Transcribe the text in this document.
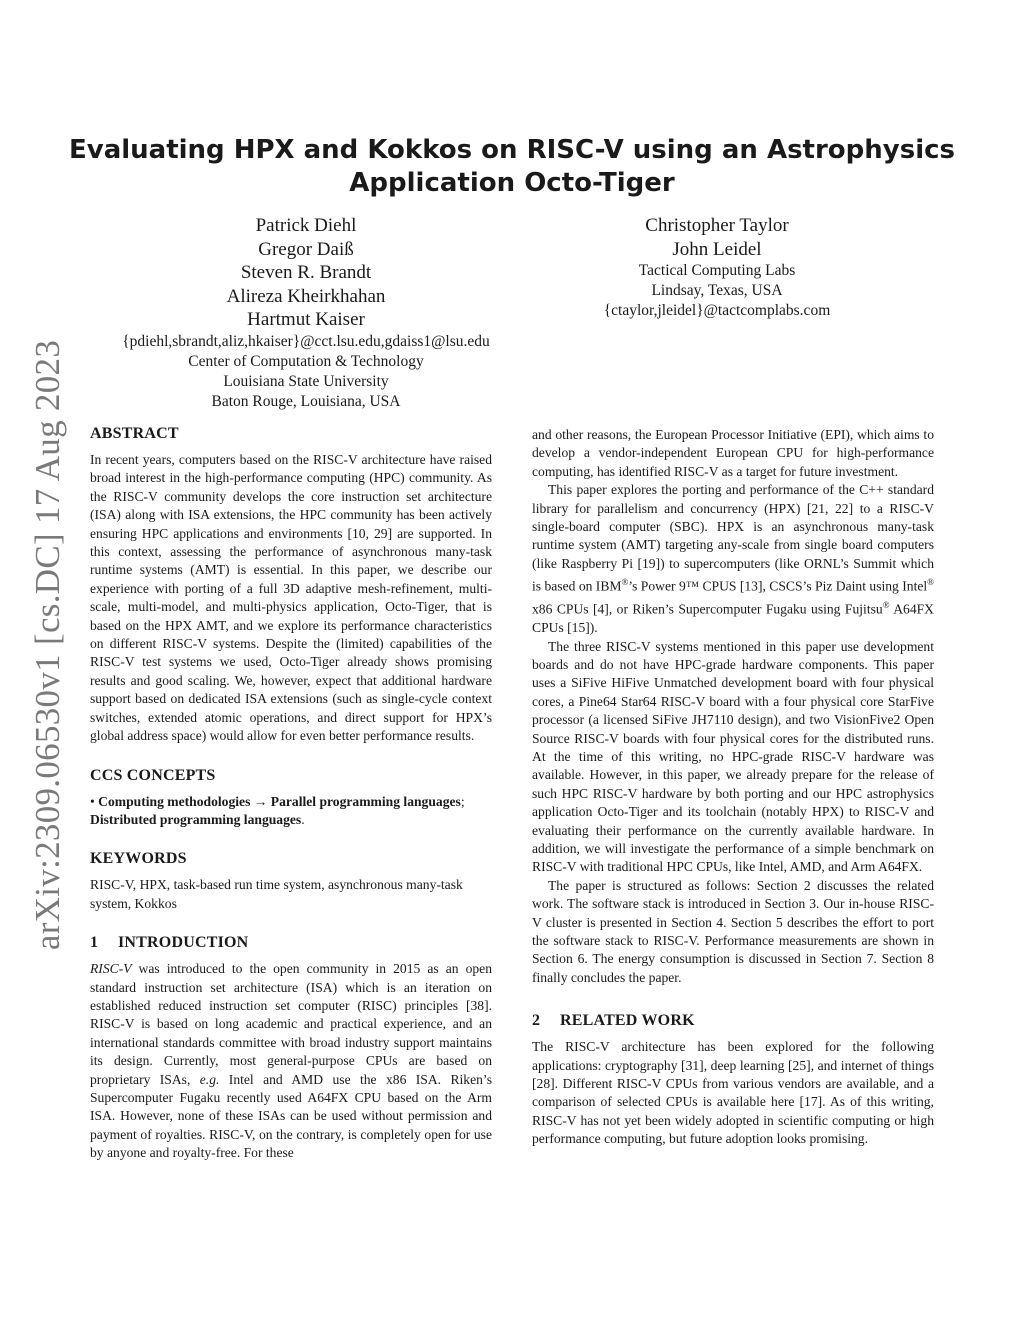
Evaluating HPX and Kokkos on RISC-V using an Astrophysics
Application Octo-Tiger
Patrick Diehl
Gregor Daiß
Steven R. Brandt
Alireza Kheirkhahan
Hartmut Kaiser
{pdiehl,sbrandt,aliz,hkaiser}@cct.lsu.edu,gdaiss1@lsu.edu
Center of Computation & Technology
Louisiana State University
Baton Rouge, Louisiana, USA
Christopher Taylor
John Leidel
Tactical Computing Labs
Lindsay, Texas, USA
{ctaylor,jleidel}@tactcomplabs.com
arXiv:2309.06530v1 [cs.DC] 17 Aug 2023 ABSTRACT

In recent years, computers based on the RISC-V architecture have raised broad interest in the high-performance computing (HPC) community. As the RISC-V community develops the core instruction set architecture (ISA) along with ISA extensions, the HPC community has been actively ensuring HPC applications and environments [10, 29] are supported. In this context, assessing the performance of asynchronous many-task runtime systems (AMT) is essential. In this paper, we describe our experience with porting of a full 3D adaptive mesh-refinement, multi-scale, multi-model, and multi-physics application, Octo-Tiger, that is based on the HPX AMT, and we explore its performance characteristics on different RISC-V systems. Despite the (limited) capabilities of the RISC-V test systems we used, Octo-Tiger already shows promising results and good scaling. We, however, expect that additional hardware support based on dedicated ISA extensions (such as single-cycle context switches, extended atomic operations, and direct support for HPX’s global address space) would allow for even better performance results.

CCS CONCEPTS

• Computing methodologies → Parallel programming languages; Distributed programming languages.

KEYWORDS

RISC-V, HPX, task-based run time system, asynchronous many-task system, Kokkos

1 INTRODUCTION

RISC-V was introduced to the open community in 2015 as an open standard instruction set architecture (ISA) which is an iteration on established reduced instruction set computer (RISC) principles [38]. RISC-V is based on long academic and practical experience, and an international standards committee with broad industry support maintains its design. Currently, most general-purpose CPUs are based on proprietary ISAs, e.g. Intel and AMD use the x86 ISA. Riken’s Supercomputer Fugaku recently used A64FX CPU based on the Arm ISA. However, none of these ISAs can be used without permission and payment of royalties. RISC-V, on the contrary, is completely open for use by anyone and royalty-free. For these

and other reasons, the European Processor Initiative (EPI), which aims to develop a vendor-independent European CPU for high-performance computing, has identified RISC-V as a target for future investment.

This paper explores the porting and performance of the C++ standard library for parallelism and concurrency (HPX) [21, 22] to a RISC-V single-board computer (SBC). HPX is an asynchronous many-task runtime system (AMT) targeting any-scale from single board computers (like Raspberry Pi [19]) to supercomputers (like ORNL’s Summit which is based on IBM®’s Power 9™ CPUS [13], CSCS’s Piz Daint using Intel® x86 CPUs [4], or Riken’s Supercomputer Fugaku using Fujitsu® A64FX CPUs [15]).

The three RISC-V systems mentioned in this paper use development boards and do not have HPC-grade hardware components. This paper uses a SiFive HiFive Unmatched development board with four physical cores, a Pine64 Star64 RISC-V board with a four physical core StarFive processor (a licensed SiFive JH7110 design), and two VisionFive2 Open Source RISC-V boards with four physical cores for the distributed runs. At the time of this writing, no HPC-grade RISC-V hardware was available. However, in this paper, we already prepare for the release of such HPC RISC-V hardware by both porting and our HPC astrophysics application Octo-Tiger and its toolchain (notably HPX) to RISC-V and evaluating their performance on the currently available hardware. In addition, we will investigate the performance of a simple benchmark on RISC-V with traditional HPC CPUs, like Intel, AMD, and Arm A64FX.

The paper is structured as follows: Section 2 discusses the related work. The software stack is introduced in Section 3. Our in-house RISC-V cluster is presented in Section 4. Section 5 describes the effort to port the software stack to RISC-V. Performance measurements are shown in Section 6. The energy consumption is discussed in Section 7. Section 8 finally concludes the paper.

2 RELATED WORK

The RISC-V architecture has been explored for the following applications: cryptography [31], deep learning [25], and internet of things [28]. Different RISC-V CPUs from various vendors are available, and a comparison of selected CPUs is available here [17]. As of this writing, RISC-V has not yet been widely adopted in scientific computing or high performance computing, but future adoption looks promising.
